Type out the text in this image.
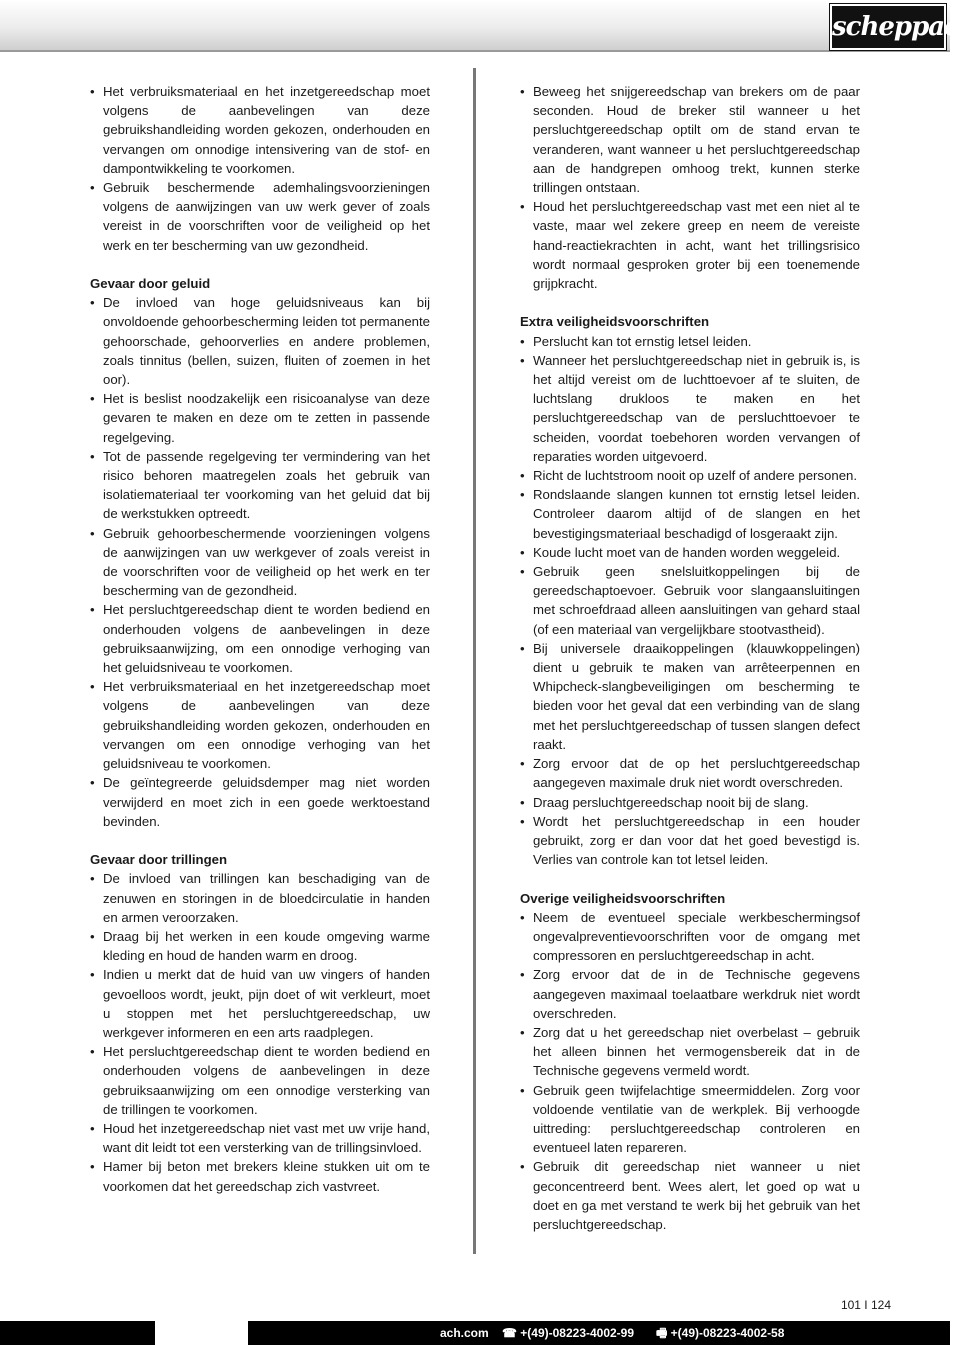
scheppach
• Het verbruiksmateriaal en het inzetgereedschap moet volgens de aanbevelingen van deze gebruikshandleiding worden gekozen, onderhouden en vervangen om onnodige intensivering van de stof- en dampontwikkeling te voorkomen.
• Gebruik beschermende ademhalingsvoorzieningen volgens de aanwijzingen van uw werk gever of zoals vereist in de voorschriften voor de veiligheid op het werk en ter bescherming van uw gezondheid.

Gevaar door geluid

• De invloed van hoge geluidsniveaus kan bij onvoldoende gehoorbescherming leiden tot permanente gehoorschade, gehoorverlies en andere problemen, zoals tinnitus (bellen, suizen, fluiten of zoemen in het oor).
• Het is beslist noodzakelijk een risicoanalyse van deze gevaren te maken en deze om te zetten in passende regelgeving.
• Tot de passende regelgeving ter vermindering van het risico behoren maatregelen zoals het gebruik van isolatiemateriaal ter voorkoming van het geluid dat bij de werkstukken optreedt.
• Gebruik gehoorbeschermende voorzieningen volgens de aanwijzingen van uw werkgever of zoals vereist in de voorschriften voor de veiligheid op het werk en ter bescherming van de gezondheid.
• Het persluchtgereedschap dient te worden bediend en onderhouden volgens de aanbevelingen in deze gebruiksaanwijzing, om een onnodige verhoging van het geluidsniveau te voorkomen.
• Het verbruiksmateriaal en het inzetgereedschap moet volgens de aanbevelingen van deze gebruikshandleiding worden gekozen, onderhouden en vervangen om een onnodige verhoging van het geluidsniveau te voorkomen.
• De geïntegreerde geluidsdemper mag niet worden verwijderd en moet zich in een goede werktoestand bevinden.

Gevaar door trillingen

• De invloed van trillingen kan beschadiging van de zenuwen en storingen in de bloedcirculatie in handen en armen veroorzaken.
• Draag bij het werken in een koude omgeving warme kleding en houd de handen warm en droog.
• Indien u merkt dat de huid van uw vingers of handen gevoelloos wordt, jeukt, pijn doet of wit verkleurt, moet u stoppen met het persluchtgereedschap, uw werkgever informeren en een arts raadplegen.
• Het persluchtgereedschap dient te worden bediend en onderhouden volgens de aanbevelingen in deze gebruiksaanwijzing om een onnodige versterking van de trillingen te voorkomen.
• Houd het inzetgereedschap niet vast met uw vrije hand, want dit leidt tot een versterking van de trillingsinvloed.
• Hamer bij beton met brekers kleine stukken uit om te voorkomen dat het gereedschap zich vastvreet.
• Beweeg het snijgereedschap van brekers om de paar seconden. Houd de breker stil wanneer u het persluchtgereedschap optilt om de stand ervan te veranderen, want wanneer u het persluchtgereedschap aan de handgrepen omhoog trekt, kunnen sterke trillingen ontstaan.
• Houd het persluchtgereedschap vast met een niet al te vaste, maar wel zekere greep en neem de vereiste hand-reactiekrachten in acht, want het trillingsrisico wordt normaal gesproken groter bij een toenemende grijpkracht.

Extra veiligheidsvoorschriften

• Perslucht kan tot ernstig letsel leiden.
• Wanneer het persluchtgereedschap niet in gebruik is, is het altijd vereist om de luchttoevoer af te sluiten, de luchtslang drukloos te maken en het persluchtgereedschap van de persluchttoevoer te scheiden, voordat toebehoren worden vervangen of reparaties worden uitgevoerd.
• Richt de luchtstroom nooit op uzelf of andere personen.
• Rondslaande slangen kunnen tot ernstig letsel leiden. Controleer daarom altijd of de slangen en het bevestigingsmateriaal beschadigd of losgeraakt zijn.
• Koude lucht moet van de handen worden weggeleid.
• Gebruik geen snelsluitkoppelingen bij de gereedschaptoevoer. Gebruik voor slangaansluitingen met schroefdraad alleen aansluitingen van gehard staal (of een materiaal van vergelijkbare stootvastheid).
• Bij universele draaikoppelingen (klauwkoppelingen) dient u gebruik te maken van arrêteerpennen en Whipcheck-slangbeveiligingen om bescherming te bieden voor het geval dat een verbinding van de slang met het persluchtgereedschap of tussen slangen defect raakt.
• Zorg ervoor dat de op het persluchtgereedschap aangegeven maximale druk niet wordt overschreden.
• Draag persluchtgereedschap nooit bij de slang.
• Wordt het persluchtgereedschap in een houder gebruikt, zorg er dan voor dat het goed bevestigd is. Verlies van controle kan tot letsel leiden.

Overige veiligheidsvoorschriften

• Neem de eventueel speciale werkbeschermingsof ongevalpreventievoorschriften voor de omgang met compressoren en persluchtgereedschap in acht.
• Zorg ervoor dat de in de Technische gegevens aangegeven maximaal toelaatbare werkdruk niet wordt overschreden.
• Zorg dat u het gereedschap niet overbelast – gebruik het alleen binnen het vermogensbereik dat in de Technische gegevens vermeld wordt.
• Gebruik geen twijfelachtige smeermiddelen. Zorg voor voldoende ventilatie van de werkplek. Bij verhoogde uittreding: persluchtgereedschap controleren en eventueel laten repareren.
• Gebruik dit gereedschap niet wanneer u niet geconcentreerd bent. Wees alert, let goed op wat u doet en ga met verstand te werk bij het gebruik van het persluchtgereedschap.
101 I 124
ach.com ☎ +(49)-08223-4002-99 🖷 +(49)-08223-4002-58
